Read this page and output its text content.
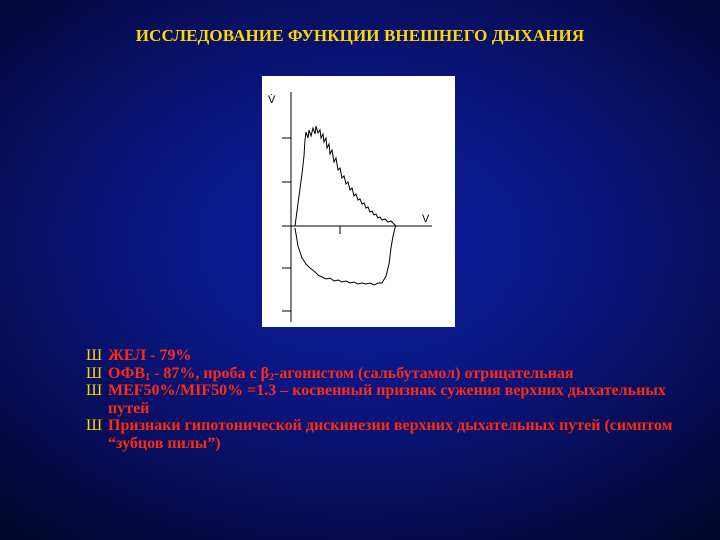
ИССЛЕДОВАНИЕ ФУНКЦИИ ВНЕШНЕГО ДЫХАНИЯ
V̇
V
Ш ЖЕЛ - 79%
Ш $ОФВ_1 - 87\%$, проба с $\beta_2$-агонистом (сальбутамол) отрицательная
Ш MEF50%/MIF50% =1.3 – косвенный признак сужения верхних дыхательных путей
Ш Признаки гипотонической дискинезии верхних дыхательных путей (симптом “зубцов пилы”)
